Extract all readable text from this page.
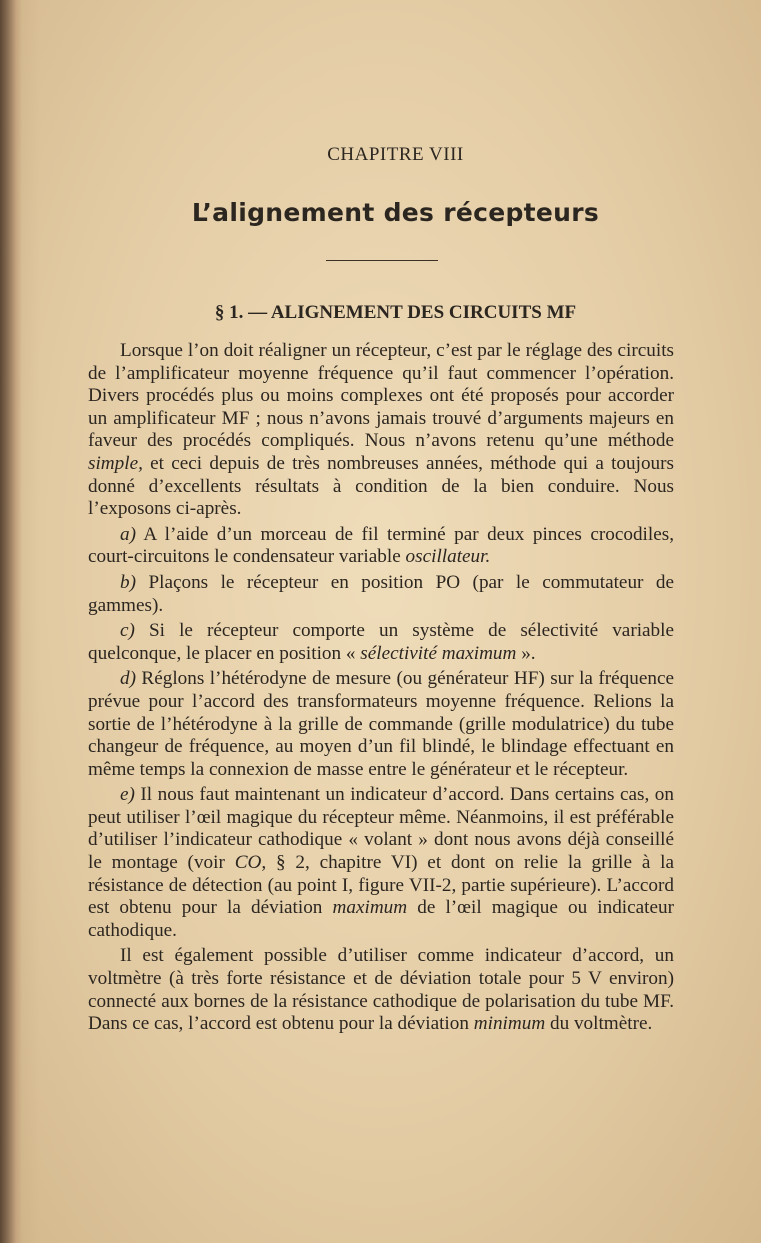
CHAPITRE VIII
L’alignement des récepteurs
§ 1. — ALIGNEMENT DES CIRCUITS MF

Lorsque l’on doit réaligner un récepteur, c’est par le réglage des circuits de l’amplificateur moyenne fréquence qu’il faut commencer l’opération. Divers procédés plus ou moins complexes ont été proposés pour accorder un amplificateur MF ; nous n’avons jamais trouvé d’arguments majeurs en faveur des procédés compliqués. Nous n’avons retenu qu’une méthode simple, et ceci depuis de très nombreuses années, méthode qui a toujours donné d’excellents résultats à condition de la bien conduire. Nous l’exposons ci-après.

a) A l’aide d’un morceau de fil terminé par deux pinces crocodiles, court-circuitons le condensateur variable oscillateur.

b) Plaçons le récepteur en position PO (par le commutateur de gammes).

c) Si le récepteur comporte un système de sélectivité variable quelconque, le placer en position « sélectivité maximum ».

d) Réglons l’hétérodyne de mesure (ou générateur HF) sur la fréquence prévue pour l’accord des transformateurs moyenne fréquence. Relions la sortie de l’hétérodyne à la grille de commande (grille modulatrice) du tube changeur de fréquence, au moyen d’un fil blindé, le blindage effectuant en même temps la connexion de masse entre le générateur et le récepteur.

e) Il nous faut maintenant un indicateur d’accord. Dans certains cas, on peut utiliser l’œil magique du récepteur même. Néanmoins, il est préférable d’utiliser l’indicateur cathodique « volant » dont nous avons déjà conseillé le montage (voir CO, § 2, chapitre VI) et dont on relie la grille à la résistance de détection (au point I, figure VII-2, partie supérieure). L’accord est obtenu pour la déviation maximum de l’œil magique ou indicateur cathodique.

Il est également possible d’utiliser comme indicateur d’accord, un voltmètre (à très forte résistance et de déviation totale pour 5 V environ) connecté aux bornes de la résistance cathodique de polarisation du tube MF. Dans ce cas, l’accord est obtenu pour la déviation minimum du voltmètre.
